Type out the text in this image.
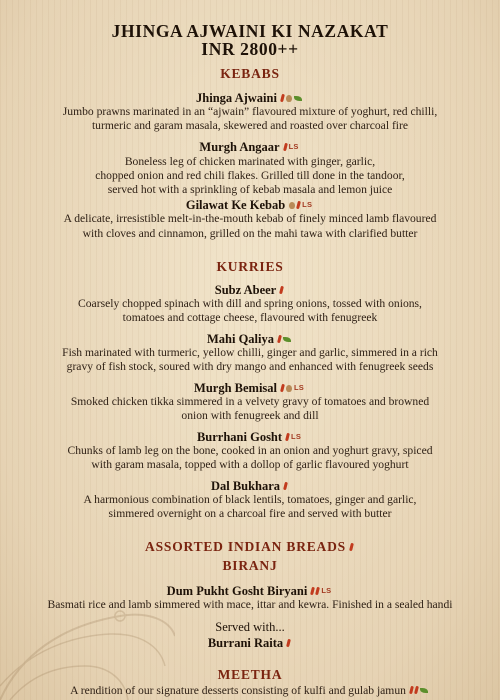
JHINGA AJWAINI KI NAZAKAT
INR 2800++
KEBABS
Jhinga Ajwaini
Jumbo prawns marinated in an “ajwain” flavoured mixture of yoghurt, red chilli,
turmeric and garam masala, skewered and roasted over charcoal fire
Murgh Angaar LS
Boneless leg of chicken marinated with ginger, garlic,
chopped onion and red chili flakes. Grilled till done in the tandoor,
served hot with a sprinkling of kebab masala and lemon juice
Gilawat Ke Kebab LS
A delicate, irresistible melt-in-the-mouth kebab of finely minced lamb flavoured
with cloves and cinnamon, grilled on the mahi tawa with clarified butter
KURRIES
Subz Abeer
Coarsely chopped spinach with dill and spring onions, tossed with onions,
tomatoes and cottage cheese, flavoured with fenugreek
Mahi Qaliya
Fish marinated with turmeric, yellow chilli, ginger and garlic, simmered in a rich
gravy of fish stock, soured with dry mango and enhanced with fenugreek seeds
Murgh Bemisal LS
Smoked chicken tikka simmered in a velvety gravy of tomatoes and browned
onion with fenugreek and dill
Burrhani Gosht LS
Chunks of lamb leg on the bone, cooked in an onion and yoghurt gravy, spiced
with garam masala, topped with a dollop of garlic flavoured yoghurt
Dal Bukhara
A harmonious combination of black lentils, tomatoes, ginger and garlic,
simmered overnight on a charcoal fire and served with butter
ASSORTED INDIAN BREADS
BIRANJ
Dum Pukht Gosht Biryani LS
Basmati rice and lamb simmered with mace, ittar and kewra. Finished in a sealed handi
Served with...
Burrani Raita
MEETHA
A rendition of our signature desserts consisting of kulfi and gulab jamun
